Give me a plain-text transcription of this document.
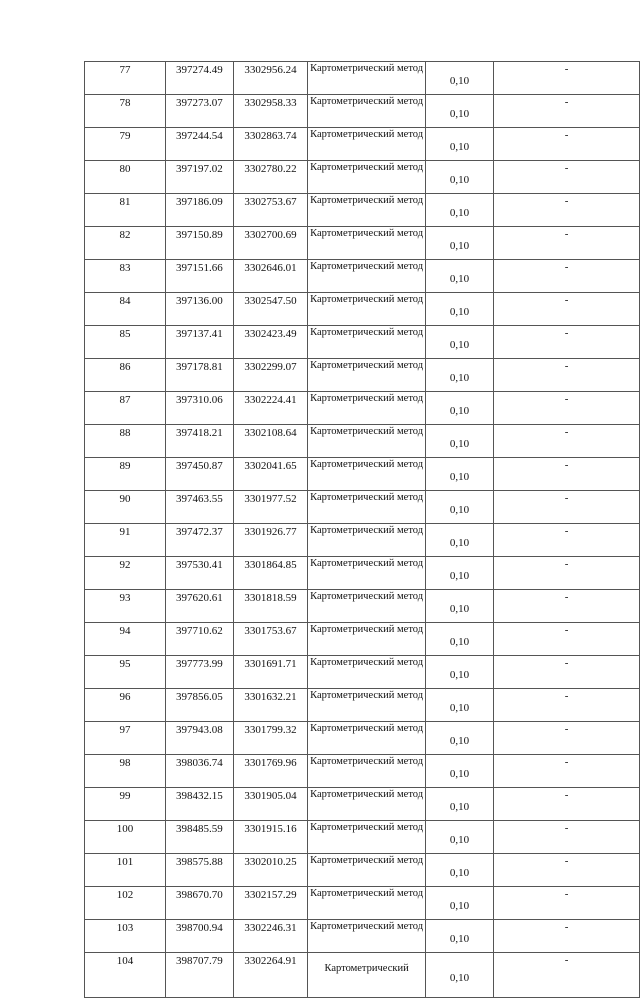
77	397274.49	3302956.24	Картометрический метод	0,10	-
78	397273.07	3302958.33	Картометрический метод	0,10	-
79	397244.54	3302863.74	Картометрический метод	0,10	-
80	397197.02	3302780.22	Картометрический метод	0,10	-
81	397186.09	3302753.67	Картометрический метод	0,10	-
82	397150.89	3302700.69	Картометрический метод	0,10	-
83	397151.66	3302646.01	Картометрический метод	0,10	-
84	397136.00	3302547.50	Картометрический метод	0,10	-
85	397137.41	3302423.49	Картометрический метод	0,10	-
86	397178.81	3302299.07	Картометрический метод	0,10	-
87	397310.06	3302224.41	Картометрический метод	0,10	-
88	397418.21	3302108.64	Картометрический метод	0,10	-
89	397450.87	3302041.65	Картометрический метод	0,10	-
90	397463.55	3301977.52	Картометрический метод	0,10	-
91	397472.37	3301926.77	Картометрический метод	0,10	-
92	397530.41	3301864.85	Картометрический метод	0,10	-
93	397620.61	3301818.59	Картометрический метод	0,10	-
94	397710.62	3301753.67	Картометрический метод	0,10	-
95	397773.99	3301691.71	Картометрический метод	0,10	-
96	397856.05	3301632.21	Картометрический метод	0,10	-
97	397943.08	3301799.32	Картометрический метод	0,10	-
98	398036.74	3301769.96	Картометрический метод	0,10	-
99	398432.15	3301905.04	Картометрический метод	0,10	-
100	398485.59	3301915.16	Картометрический метод	0,10	-
101	398575.88	3302010.25	Картометрический метод	0,10	-
102	398670.70	3302157.29	Картометрический метод	0,10	-
103	398700.94	3302246.31	Картометрический метод	0,10	-
104	398707.79	3302264.91	Картометрический	0,10	-
